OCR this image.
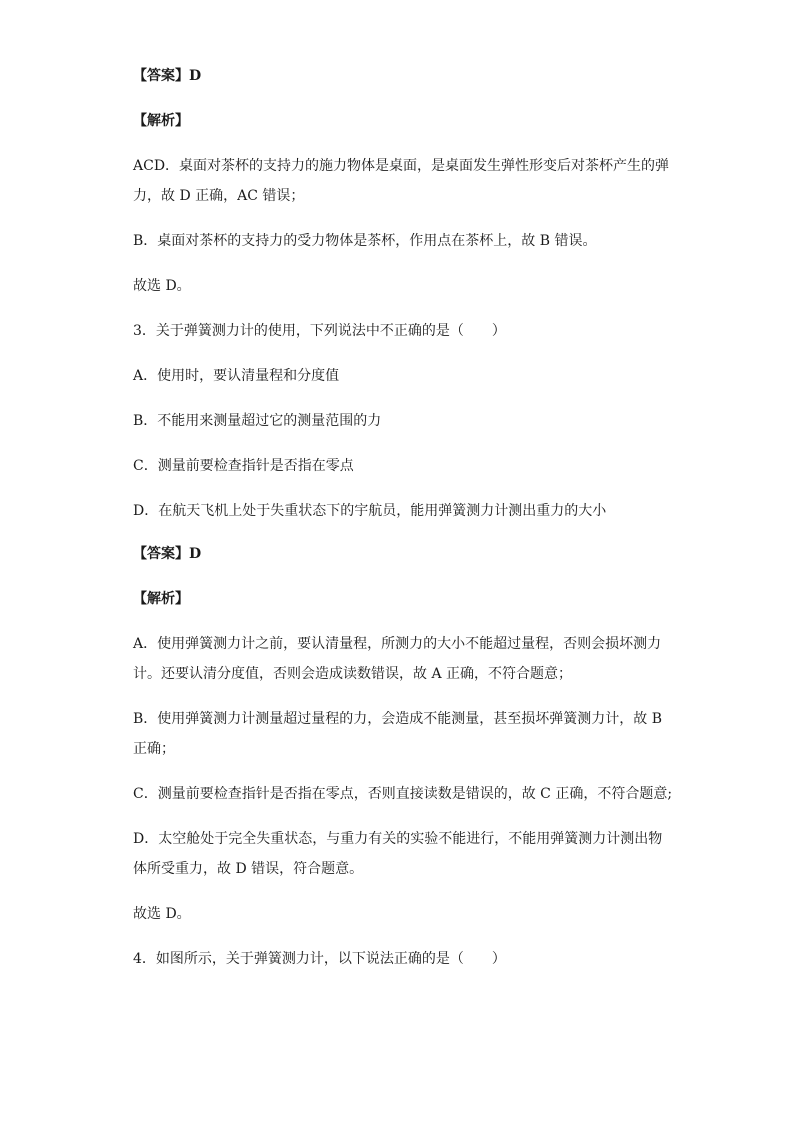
【答案】D
【解析】
ACD．桌面对茶杯的支持力的施力物体是桌面，是桌面发生弹性形变后对茶杯产生的弹
力，故 D 正确，AC 错误；
B．桌面对茶杯的支持力的受力物体是茶杯，作用点在茶杯上，故 B 错误。
故选 D。
3．关于弹簧测力计的使用，下列说法中不正确的是（　　）
A．使用时，要认清量程和分度值
B．不能用来测量超过它的测量范围的力
C．测量前要检查指针是否指在零点
D．在航天飞机上处于失重状态下的宇航员，能用弹簧测力计测出重力的大小
【答案】D
【解析】
A．使用弹簧测力计之前，要认清量程，所测力的大小不能超过量程，否则会损坏测力
计。还要认清分度值，否则会造成读数错误，故 A 正确，不符合题意；
B．使用弹簧测力计测量超过量程的力，会造成不能测量，甚至损坏弹簧测力计，故 B
正确；
C．测量前要检查指针是否指在零点，否则直接读数是错误的，故 C 正确，不符合题意;
D．太空舱处于完全失重状态，与重力有关的实验不能进行，不能用弹簧测力计测出物
体所受重力，故 D 错误，符合题意。
故选 D。
4．如图所示，关于弹簧测力计，以下说法正确的是（　　）
